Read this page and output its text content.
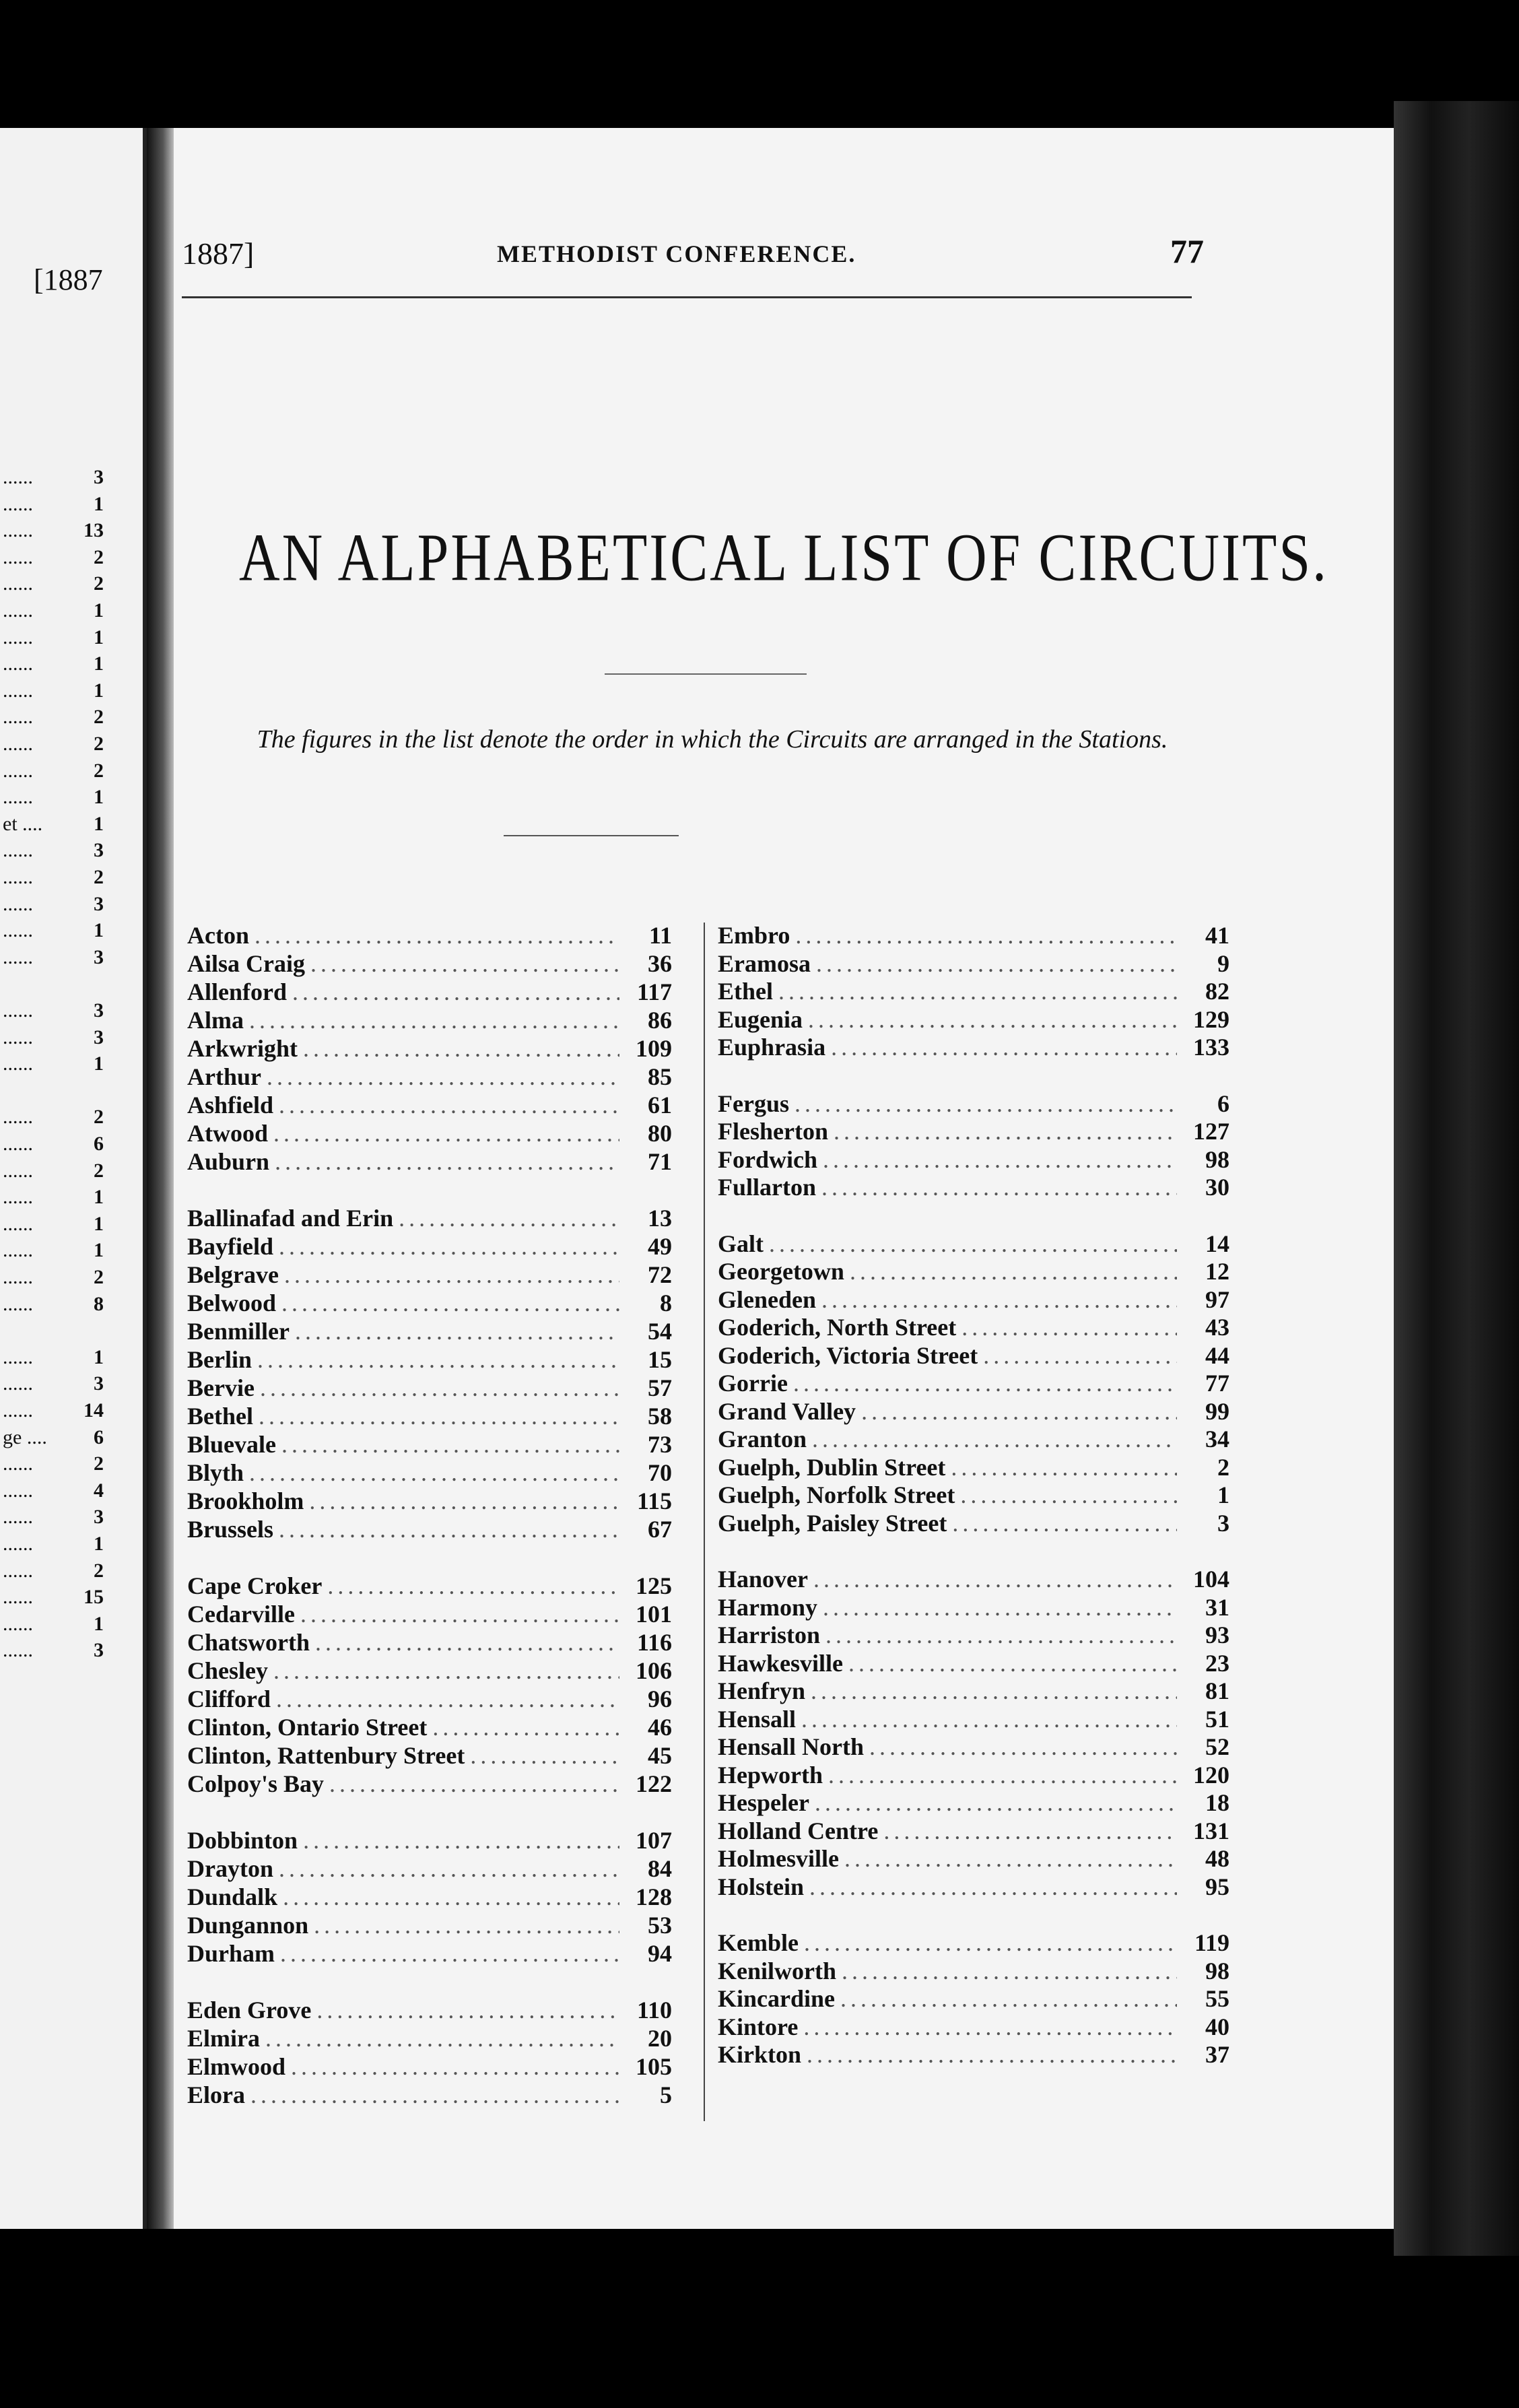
[1887
......	3
......	1
......	13
......	2
......	2
......	1
......	1
......	1
......	1
......	2
......	2
......	2
......	1
et ....	1
......	3
......	2
......	3
......	1
......	3
......	3
......	3
......	1
......	2
......	6
......	2
......	1
......	1
......	1
......	2
......	8
......	1
......	3
......	14
ge .... 6
......	2
......	4
......	3
......	1
......	2
......	15
......	1
......	3
1887]	METHODIST CONFERENCE.	77
AN ALPHABETICAL LIST OF CIRCUITS.
The figures in the list denote the order in which the Circuits are arranged in the Stations.
Acton .....	11
Ailsa Craig .....	36
Allenford .....	117
Alma .....	86
Arkwright .....	109
Arthur .....	85
Ashfield .....	61
Atwood .....	80
Auburn .....	71
Ballinafad and Erin .....	13
Bayfield .....	49
Belgrave .....	72
Belwood .....	8
Benmiller .....	54
Berlin .....	15
Bervie .....	57
Bethel .....	58
Bluevale .....	73
Blyth .....	70
Brookholm .....	115
Brussels .....	67
Cape Croker .....	125
Cedarville .....	101
Chatsworth .....	116
Chesley .....	106
Clifford .....	96
Clinton, Ontario Street .....	46
Clinton, Rattenbury Street .....	45
Colpoy's Bay .....	122
Dobbinton .....	107
Drayton .....	84
Dundalk .....	128
Dungannon .....	53
Durham .....	94
Eden Grove .....	110
Elmira .....	20
Elmwood .....	105
Elora .....	5
Embro .....	41
Eramosa .....	9
Ethel .....	82
Eugenia .....	129
Euphrasia .....	133
Fergus .....	6
Flesherton .....	127
Fordwich .....	98
Fullarton .....	30
Galt .....	14
Georgetown .....	12
Gleneden .....	97
Goderich, North Street .....	43
Goderich, Victoria Street .....	44
Gorrie .....	77
Grand Valley .....	99
Granton .....	34
Guelph, Dublin Street .....	2
Guelph, Norfolk Street .....	1
Guelph, Paisley Street .....	3
Hanover .....	104
Harmony .....	31
Harriston .....	93
Hawkesville .....	23
Henfryn .....	81
Hensall .....	51
Hensall North .....	52
Hepworth .....	120
Hespeler .....	18
Holland Centre .....	131
Holmesville .....	48
Holstein .....	95
Kemble .....	119
Kenilworth .....	98
Kincardine .....	55
Kintore .....	40
Kirkton .....	37
